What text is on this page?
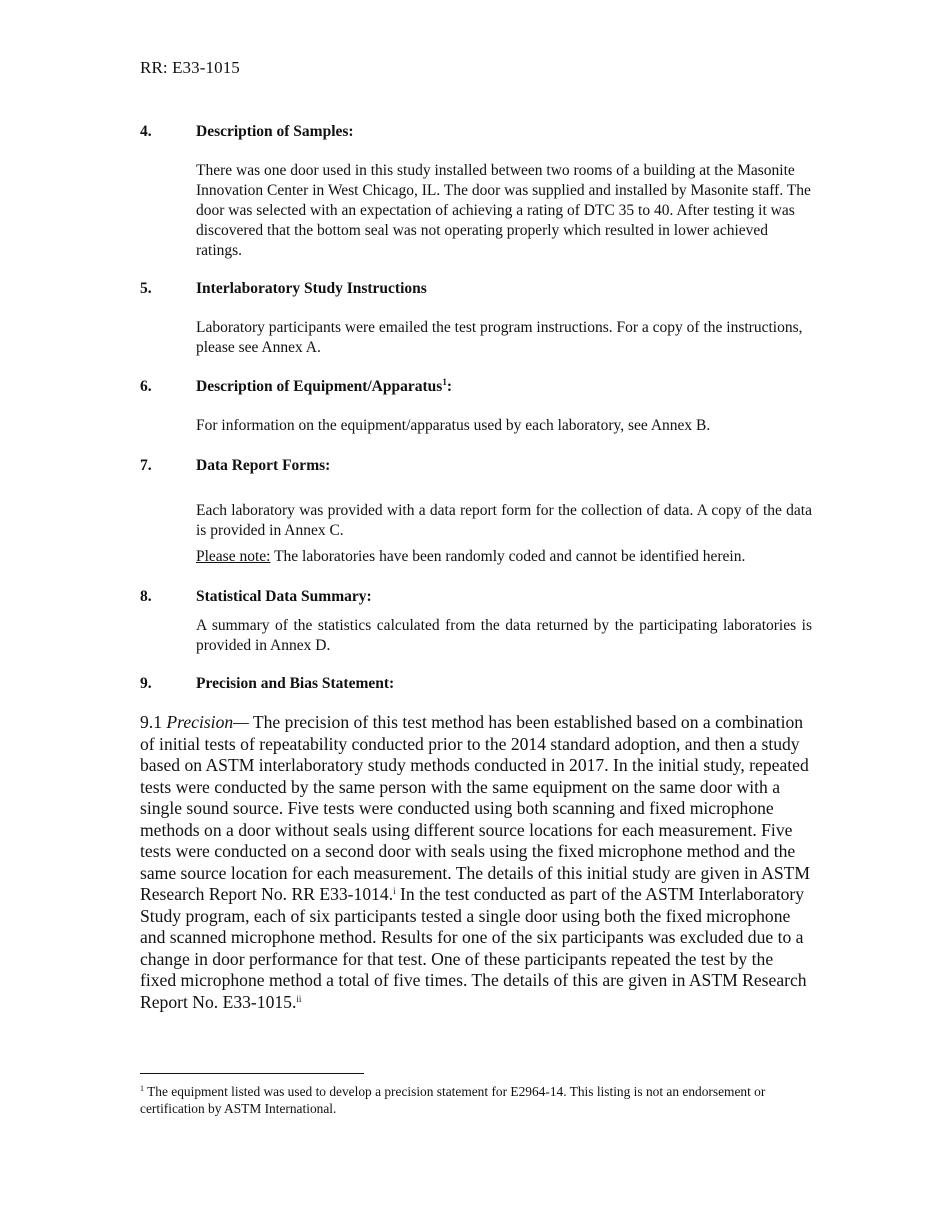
RR: E33-1015
4.	Description of Samples:
There was one door used in this study installed between two rooms of a building at the Masonite Innovation Center in West Chicago, IL. The door was supplied and installed by Masonite staff. The door was selected with an expectation of achieving a rating of DTC 35 to 40. After testing it was discovered that the bottom seal was not operating properly which resulted in lower achieved ratings.
5.	Interlaboratory Study Instructions
Laboratory participants were emailed the test program instructions. For a copy of the instructions, please see Annex A.
6.	Description of Equipment/Apparatus$^1$:
For information on the equipment/apparatus used by each laboratory, see Annex B.
7.	Data Report Forms:
Each laboratory was provided with a data report form for the collection of data. A copy of the data is provided in Annex C.
Please note: The laboratories have been randomly coded and cannot be identified herein.
8.	Statistical Data Summary:
A summary of the statistics calculated from the data returned by the participating laboratories is provided in Annex D.
9.	Precision and Bias Statement:
9.1 Precision— The precision of this test method has been established based on a combination of initial tests of repeatability conducted prior to the 2014 standard adoption, and then a study based on ASTM interlaboratory study methods conducted in 2017. In the initial study, repeated tests were conducted by the same person with the same equipment on the same door with a single sound source. Five tests were conducted using both scanning and fixed microphone methods on a door without seals using different source locations for each measurement. Five tests were conducted on a second door with seals using the fixed microphone method and the same source location for each measurement. The details of this initial study are given in ASTM Research Report No. RR E33-1014.$^i$ In the test conducted as part of the ASTM Interlaboratory Study program, each of six participants tested a single door using both the fixed microphone and scanned microphone method. Results for one of the six participants was excluded due to a change in door performance for that test. One of these participants repeated the test by the fixed microphone method a total of five times. The details of this are given in ASTM Research Report No. E33-1015.$^{ii}$
$^1$ The equipment listed was used to develop a precision statement for E2964-14. This listing is not an endorsement or certification by ASTM International.
